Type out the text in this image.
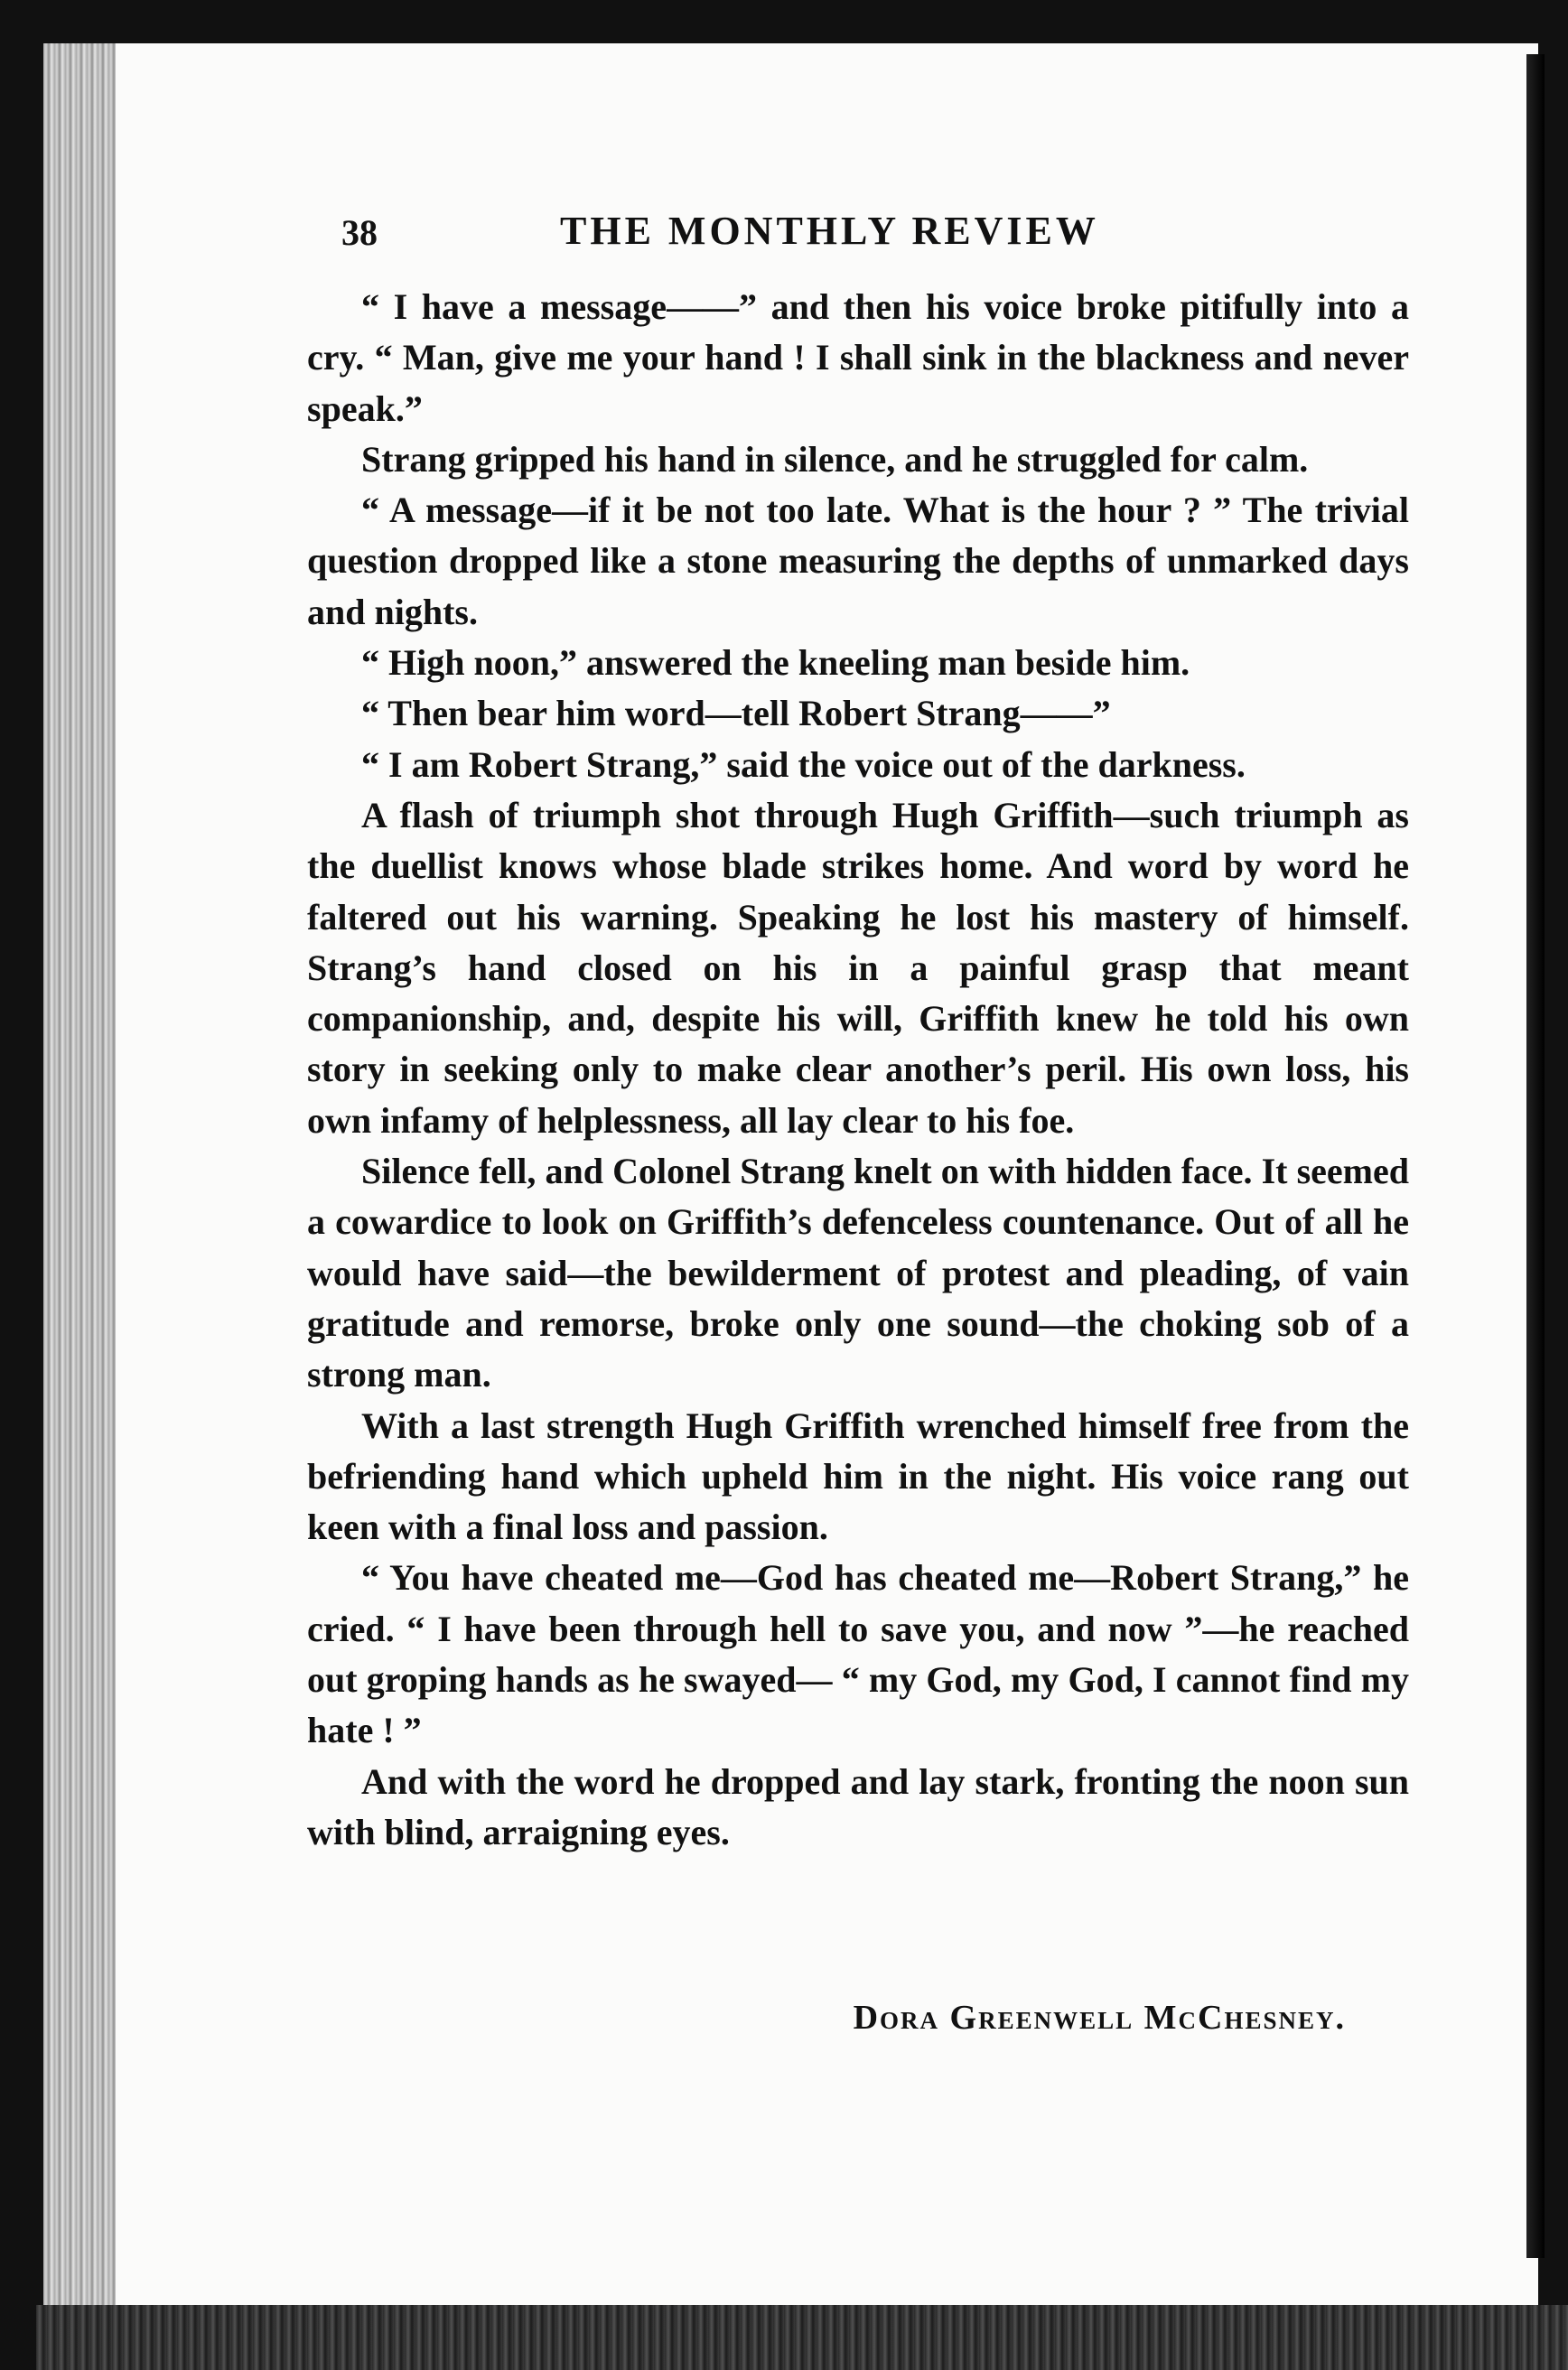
38	THE MONTHLY REVIEW

“ I have a message——” and then his voice broke pitifully into a cry. “ Man, give me your hand ! I shall sink in the blackness and never speak.”

Strang gripped his hand in silence, and he struggled for calm.

“ A message—if it be not too late. What is the hour ? ” The trivial question dropped like a stone measuring the depths of unmarked days and nights.

“ High noon,” answered the kneeling man beside him.

“ Then bear him word—tell Robert Strang——”

“ I am Robert Strang,” said the voice out of the darkness.

A flash of triumph shot through Hugh Griffith—such triumph as the duellist knows whose blade strikes home. And word by word he faltered out his warning. Speaking he lost his mastery of himself. Strang’s hand closed on his in a painful grasp that meant companionship, and, despite his will, Griffith knew he told his own story in seeking only to make clear another’s peril. His own loss, his own infamy of helplessness, all lay clear to his foe.

Silence fell, and Colonel Strang knelt on with hidden face. It seemed a cowardice to look on Griffith’s defenceless countenance. Out of all he would have said—the bewilderment of protest and pleading, of vain gratitude and remorse, broke only one sound—the choking sob of a strong man.

With a last strength Hugh Griffith wrenched himself free from the befriending hand which upheld him in the night. His voice rang out keen with a final loss and passion.

“ You have cheated me—God has cheated me—Robert Strang,” he cried. “ I have been through hell to save you, and now ”—he reached out groping hands as he swayed— “ my God, my God, I cannot find my hate ! ”

And with the word he dropped and lay stark, fronting the noon sun with blind, arraigning eyes.

Dora Greenwell McChesney.
